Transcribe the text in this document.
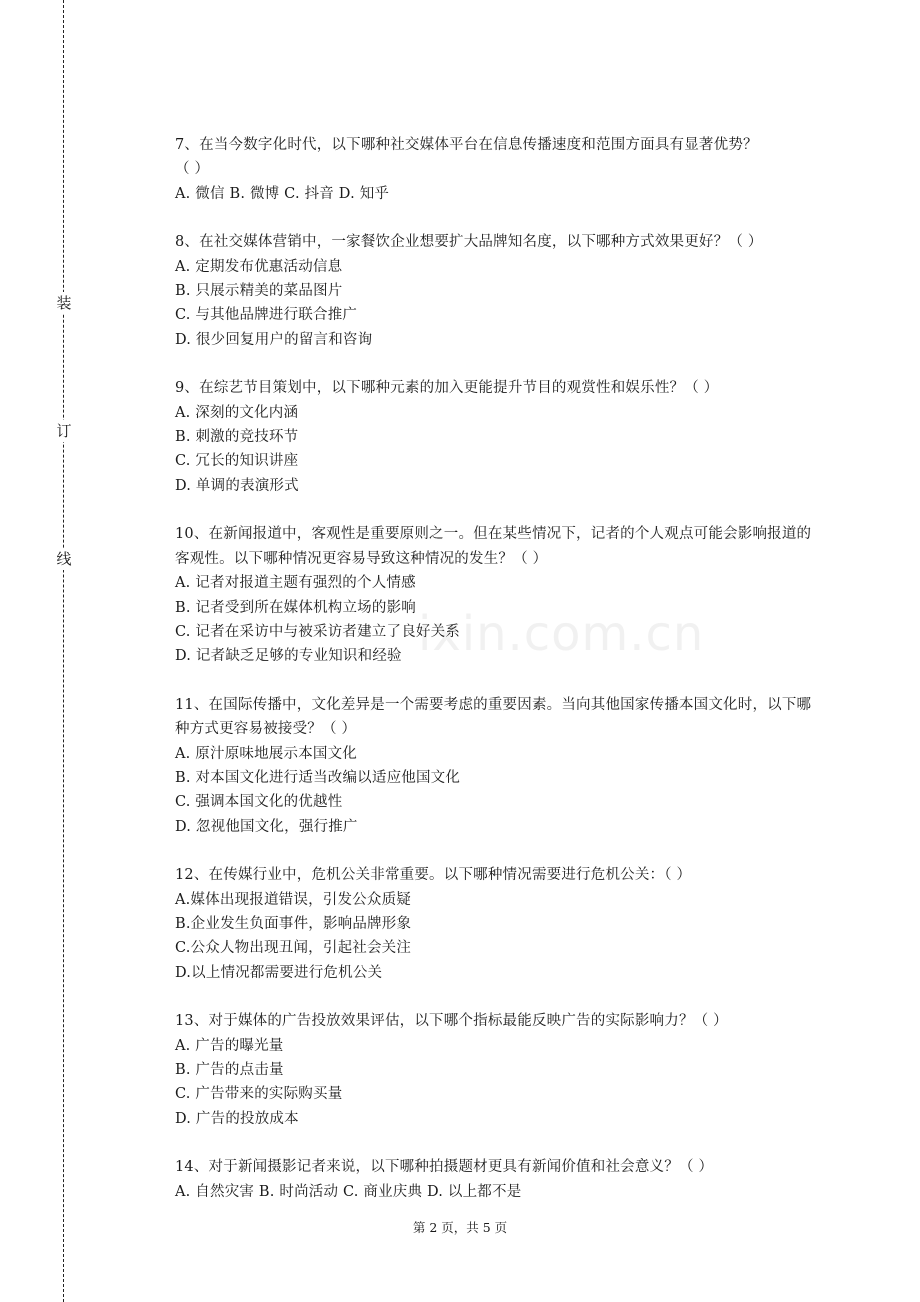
装
订
线

7、在当今数字化时代，以下哪种社交媒体平台在信息传播速度和范围方面具有显著优势？

（ ）

A. 微信 B. 微博 C. 抖音 D. 知乎

8、在社交媒体营销中，一家餐饮企业想要扩大品牌知名度，以下哪种方式效果更好？（ ）

A. 定期发布优惠活动信息

B. 只展示精美的菜品图片

C. 与其他品牌进行联合推广

D. 很少回复用户的留言和咨询

9、在综艺节目策划中，以下哪种元素的加入更能提升节目的观赏性和娱乐性？（ ）

A. 深刻的文化内涵

B. 刺激的竞技环节

C. 冗长的知识讲座

D. 单调的表演形式

10、在新闻报道中，客观性是重要原则之一。但在某些情况下，记者的个人观点可能会影响报道的客观性。以下哪种情况更容易导致这种情况的发生？（ ）

A. 记者对报道主题有强烈的个人情感

B. 记者受到所在媒体机构立场的影响

C. 记者在采访中与被采访者建立了良好关系

D. 记者缺乏足够的专业知识和经验

11、在国际传播中，文化差异是一个需要考虑的重要因素。当向其他国家传播本国文化时，以下哪种方式更容易被接受？（ ）

A. 原汁原味地展示本国文化

B. 对本国文化进行适当改编以适应他国文化

C. 强调本国文化的优越性

D. 忽视他国文化，强行推广

12、在传媒行业中，危机公关非常重要。以下哪种情况需要进行危机公关：（ ）

A.媒体出现报道错误，引发公众质疑

B.企业发生负面事件，影响品牌形象

C.公众人物出现丑闻，引起社会关注

D.以上情况都需要进行危机公关

13、对于媒体的广告投放效果评估，以下哪个指标最能反映广告的实际影响力？（ ）

A. 广告的曝光量

B. 广告的点击量

C. 广告带来的实际购买量

D. 广告的投放成本

14、对于新闻摄影记者来说，以下哪种拍摄题材更具有新闻价值和社会意义？（ ）

A. 自然灾害 B. 时尚活动 C. 商业庆典 D. 以上都不是

ixin.com.cn
第 2 页，共 5 页
